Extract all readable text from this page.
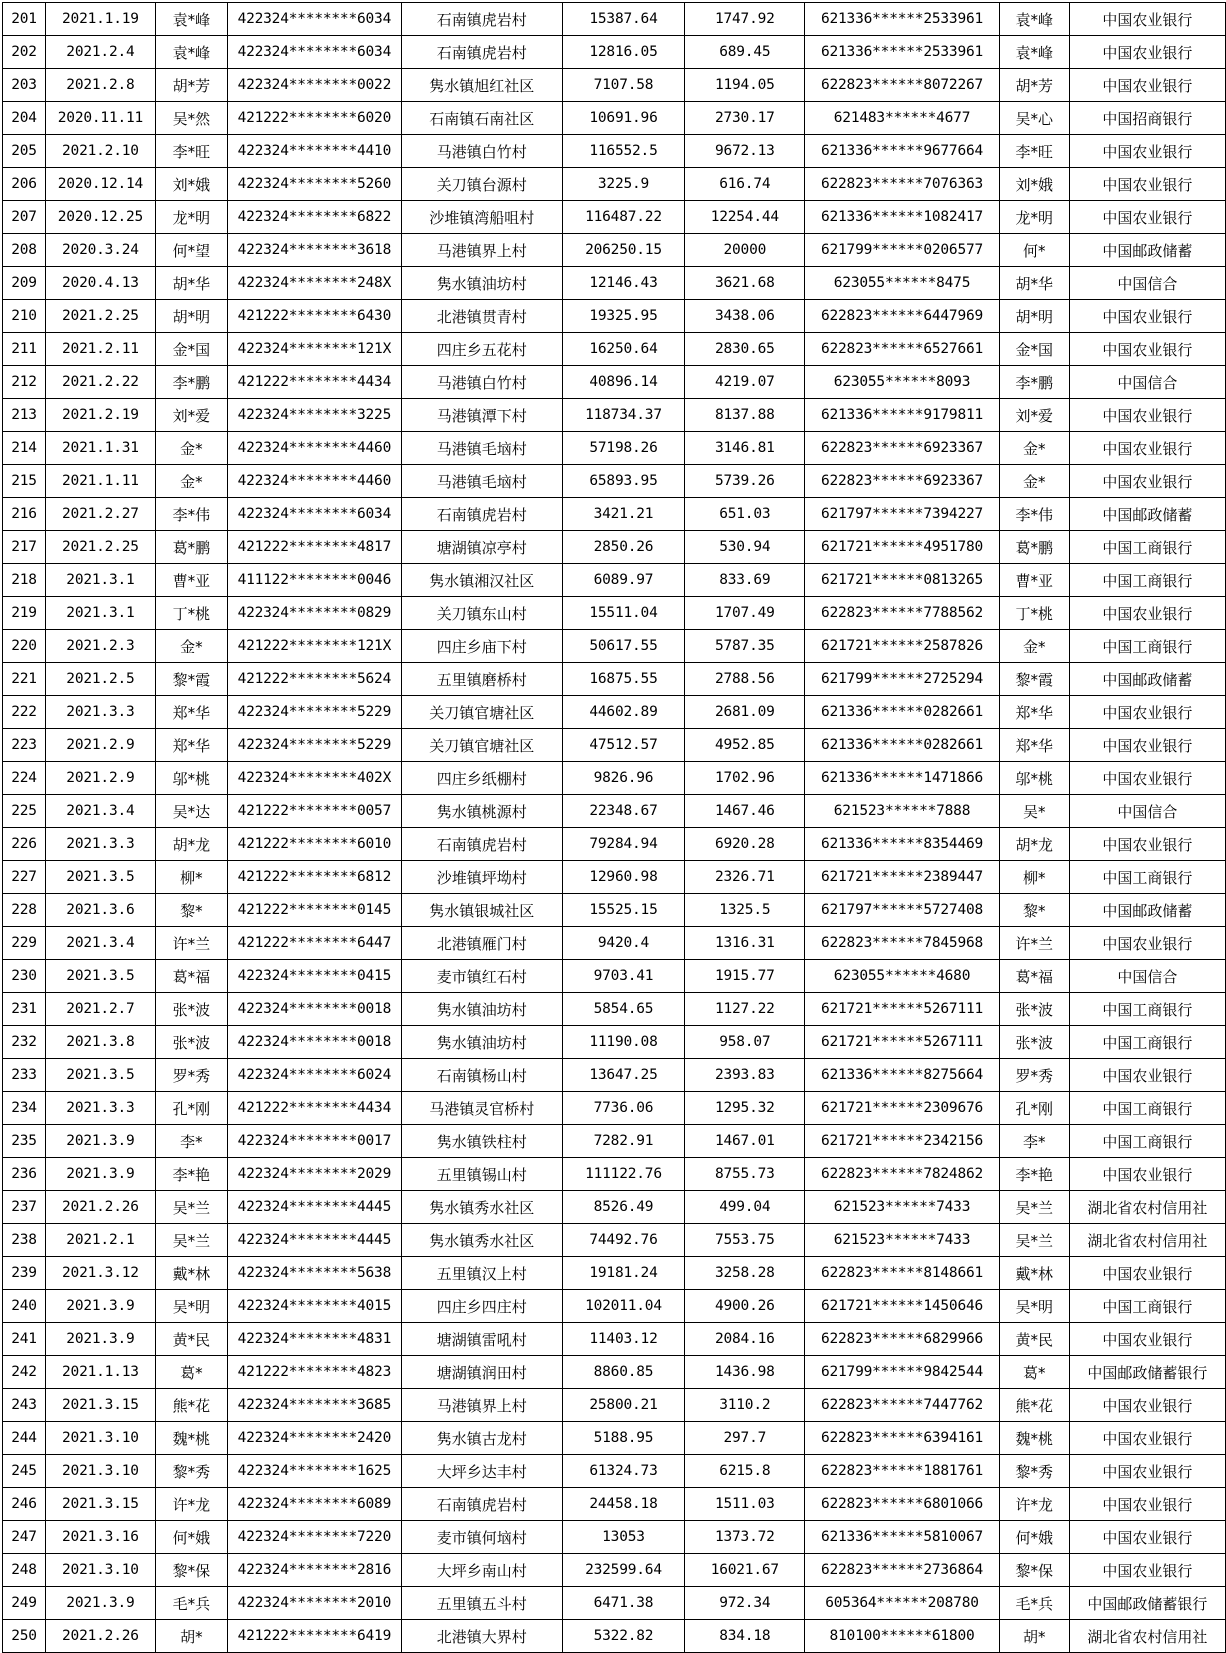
201	2021.1.19	袁*峰	422324********6034	石南镇虎岩村	15387.64	1747.92	621336******2533961	袁*峰	中国农业银行
202	2021.2.4	袁*峰	422324********6034	石南镇虎岩村	12816.05	689.45	621336******2533961	袁*峰	中国农业银行
203	2021.2.8	胡*芳	422324********0022	隽水镇旭红社区	7107.58	1194.05	622823******8072267	胡*芳	中国农业银行
204	2020.11.11	吴*然	421222********6020	石南镇石南社区	10691.96	2730.17	621483******4677	吴*心	中国招商银行
205	2021.2.10	李*旺	422324********4410	马港镇白竹村	116552.5	9672.13	621336******9677664	李*旺	中国农业银行
206	2020.12.14	刘*娥	422324********5260	关刀镇台源村	3225.9	616.74	622823******7076363	刘*娥	中国农业银行
207	2020.12.25	龙*明	422324********6822	沙堆镇湾船咀村	116487.22	12254.44	621336******1082417	龙*明	中国农业银行
208	2020.3.24	何*望	422324********3618	马港镇界上村	206250.15	20000	621799******0206577	何*	中国邮政储蓄
209	2020.4.13	胡*华	422324********248X	隽水镇油坊村	12146.43	3621.68	623055******8475	胡*华	中国信合
210	2021.2.25	胡*明	421222********6430	北港镇贯青村	19325.95	3438.06	622823******6447969	胡*明	中国农业银行
211	2021.2.11	金*国	422324********121X	四庄乡五花村	16250.64	2830.65	622823******6527661	金*国	中国农业银行
212	2021.2.22	李*鹏	421222********4434	马港镇白竹村	40896.14	4219.07	623055******8093	李*鹏	中国信合
213	2021.2.19	刘*爱	422324********3225	马港镇潭下村	118734.37	8137.88	621336******9179811	刘*爱	中国农业银行
214	2021.1.31	金*	422324********4460	马港镇毛垴村	57198.26	3146.81	622823******6923367	金*	中国农业银行
215	2021.1.11	金*	422324********4460	马港镇毛垴村	65893.95	5739.26	622823******6923367	金*	中国农业银行
216	2021.2.27	李*伟	422324********6034	石南镇虎岩村	3421.21	651.03	621797******7394227	李*伟	中国邮政储蓄
217	2021.2.25	葛*鹏	421222********4817	塘湖镇凉亭村	2850.26	530.94	621721******4951780	葛*鹏	中国工商银行
218	2021.3.1	曹*亚	411122********0046	隽水镇湘汉社区	6089.97	833.69	621721******0813265	曹*亚	中国工商银行
219	2021.3.1	丁*桃	422324********0829	关刀镇东山村	15511.04	1707.49	622823******7788562	丁*桃	中国农业银行
220	2021.2.3	金*	421222********121X	四庄乡庙下村	50617.55	5787.35	621721******2587826	金*	中国工商银行
221	2021.2.5	黎*霞	421222********5624	五里镇磨桥村	16875.55	2788.56	621799******2725294	黎*霞	中国邮政储蓄
222	2021.3.3	郑*华	422324********5229	关刀镇官塘社区	44602.89	2681.09	621336******0282661	郑*华	中国农业银行
223	2021.2.9	郑*华	422324********5229	关刀镇官塘社区	47512.57	4952.85	621336******0282661	郑*华	中国农业银行
224	2021.2.9	邬*桃	422324********402X	四庄乡纸棚村	9826.96	1702.96	621336******1471866	邬*桃	中国农业银行
225	2021.3.4	吴*达	421222********0057	隽水镇桃源村	22348.67	1467.46	621523******7888	吴*	中国信合
226	2021.3.3	胡*龙	421222********6010	石南镇虎岩村	79284.94	6920.28	621336******8354469	胡*龙	中国农业银行
227	2021.3.5	柳*	421222********6812	沙堆镇坪坳村	12960.98	2326.71	621721******2389447	柳*	中国工商银行
228	2021.3.6	黎*	421222********0145	隽水镇银城社区	15525.15	1325.5	621797******5727408	黎*	中国邮政储蓄
229	2021.3.4	许*兰	421222********6447	北港镇雁门村	9420.4	1316.31	622823******7845968	许*兰	中国农业银行
230	2021.3.5	葛*福	422324********0415	麦市镇红石村	9703.41	1915.77	623055******4680	葛*福	中国信合
231	2021.2.7	张*波	422324********0018	隽水镇油坊村	5854.65	1127.22	621721******5267111	张*波	中国工商银行
232	2021.3.8	张*波	422324********0018	隽水镇油坊村	11190.08	958.07	621721******5267111	张*波	中国工商银行
233	2021.3.5	罗*秀	422324********6024	石南镇杨山村	13647.25	2393.83	621336******8275664	罗*秀	中国农业银行
234	2021.3.3	孔*刚	421222********4434	马港镇灵官桥村	7736.06	1295.32	621721******2309676	孔*刚	中国工商银行
235	2021.3.9	李*	422324********0017	隽水镇铁柱村	7282.91	1467.01	621721******2342156	李*	中国工商银行
236	2021.3.9	李*艳	422324********2029	五里镇锡山村	111122.76	8755.73	622823******7824862	李*艳	中国农业银行
237	2021.2.26	吴*兰	422324********4445	隽水镇秀水社区	8526.49	499.04	621523******7433	吴*兰	湖北省农村信用社
238	2021.2.1	吴*兰	422324********4445	隽水镇秀水社区	74492.76	7553.75	621523******7433	吴*兰	湖北省农村信用社
239	2021.3.12	戴*林	422324********5638	五里镇汉上村	19181.24	3258.28	622823******8148661	戴*林	中国农业银行
240	2021.3.9	吴*明	422324********4015	四庄乡四庄村	102011.04	4900.26	621721******1450646	吴*明	中国工商银行
241	2021.3.9	黄*民	422324********4831	塘湖镇雷吼村	11403.12	2084.16	622823******6829966	黄*民	中国农业银行
242	2021.1.13	葛*	421222********4823	塘湖镇润田村	8860.85	1436.98	621799******9842544	葛*	中国邮政储蓄银行
243	2021.3.15	熊*花	422324********3685	马港镇界上村	25800.21	3110.2	622823******7447762	熊*花	中国农业银行
244	2021.3.10	魏*桃	422324********2420	隽水镇古龙村	5188.95	297.7	622823******6394161	魏*桃	中国农业银行
245	2021.3.10	黎*秀	422324********1625	大坪乡达丰村	61324.73	6215.8	622823******1881761	黎*秀	中国农业银行
246	2021.3.15	许*龙	422324********6089	石南镇虎岩村	24458.18	1511.03	622823******6801066	许*龙	中国农业银行
247	2021.3.16	何*娥	422324********7220	麦市镇何垴村	13053	1373.72	621336******5810067	何*娥	中国农业银行
248	2021.3.10	黎*保	422324********2816	大坪乡南山村	232599.64	16021.67	622823******2736864	黎*保	中国农业银行
249	2021.3.9	毛*兵	422324********2010	五里镇五斗村	6471.38	972.34	605364******208780	毛*兵	中国邮政储蓄银行
250	2021.2.26	胡*	421222********6419	北港镇大界村	5322.82	834.18	810100******61800	胡*	湖北省农村信用社
